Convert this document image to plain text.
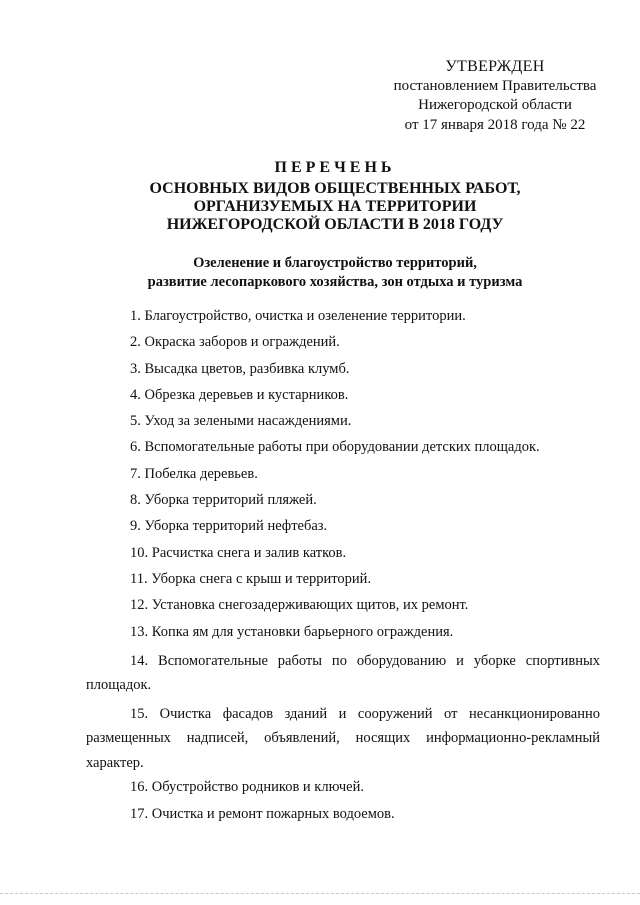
УТВЕРЖДЕН
постановлением Правительства
Нижегородской области
от 17 января 2018 года № 22
ПЕРЕЧЕНЬ
ОСНОВНЫХ ВИДОВ ОБЩЕСТВЕННЫХ РАБОТ,
ОРГАНИЗУЕМЫХ НА ТЕРРИТОРИИ
НИЖЕГОРОДСКОЙ ОБЛАСТИ В 2018 ГОДУ
Озеленение и благоустройство территорий,
развитие лесопаркового хозяйства, зон отдыха и туризма
1. Благоустройство, очистка и озеленение территории.
2. Окраска заборов и ограждений.
3. Высадка цветов, разбивка клумб.
4. Обрезка деревьев и кустарников.
5. Уход за зелеными насаждениями.
6. Вспомогательные работы при оборудовании детских площадок.
7. Побелка деревьев.
8. Уборка территорий пляжей.
9. Уборка территорий нефтебаз.
10. Расчистка снега и залив катков.
11. Уборка снега с крыш и территорий.
12. Установка снегозадерживающих щитов, их ремонт.
13. Копка ям для установки барьерного ограждения.
14. Вспомогательные работы по оборудованию и уборке спортивных площадок.
15. Очистка фасадов зданий и сооружений от несанкционированно размещенных надписей, объявлений, носящих информационно-рекламный характер.
16. Обустройство родников и ключей.
17. Очистка и ремонт пожарных водоемов.
